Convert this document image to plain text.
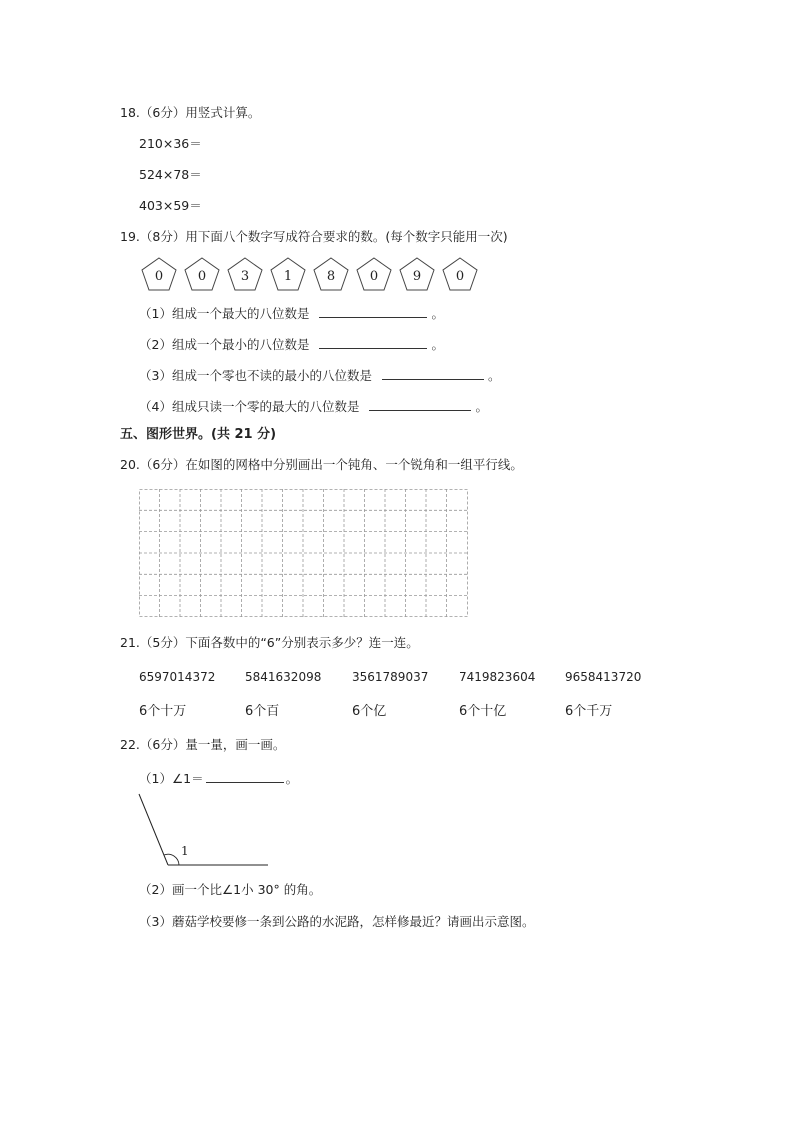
18.（6分）用竖式计算。
210×36＝
524×78＝
403×59＝
19.（8分）用下面八个数字写成符合要求的数。(每个数字只能用一次)
0	0	3	1	8	0	9	0
（1）组成一个最大的八位数是	。
（2）组成一个最小的八位数是	。
（3）组成一个零也不读的最小的八位数是	。
（4）组成只读一个零的最大的八位数是	。
五、图形世界。(共 21 分)
20.（6分）在如图的网格中分别画出一个钝角、一个锐角和一组平行线。
21.（5分）下面各数中的“6”分别表示多少？连一连。
6597014372 5841632098	3561789037	7419823604 9658413720
6个十万	6个百	6个亿	6个十亿	6个千万
22.（6分）量一量，画一画。
（1）∠1＝	。
1
（2）画一个比∠1小 30° 的角。
（3）蘑菇学校要修一条到公路的水泥路，怎样修最近？请画出示意图。
